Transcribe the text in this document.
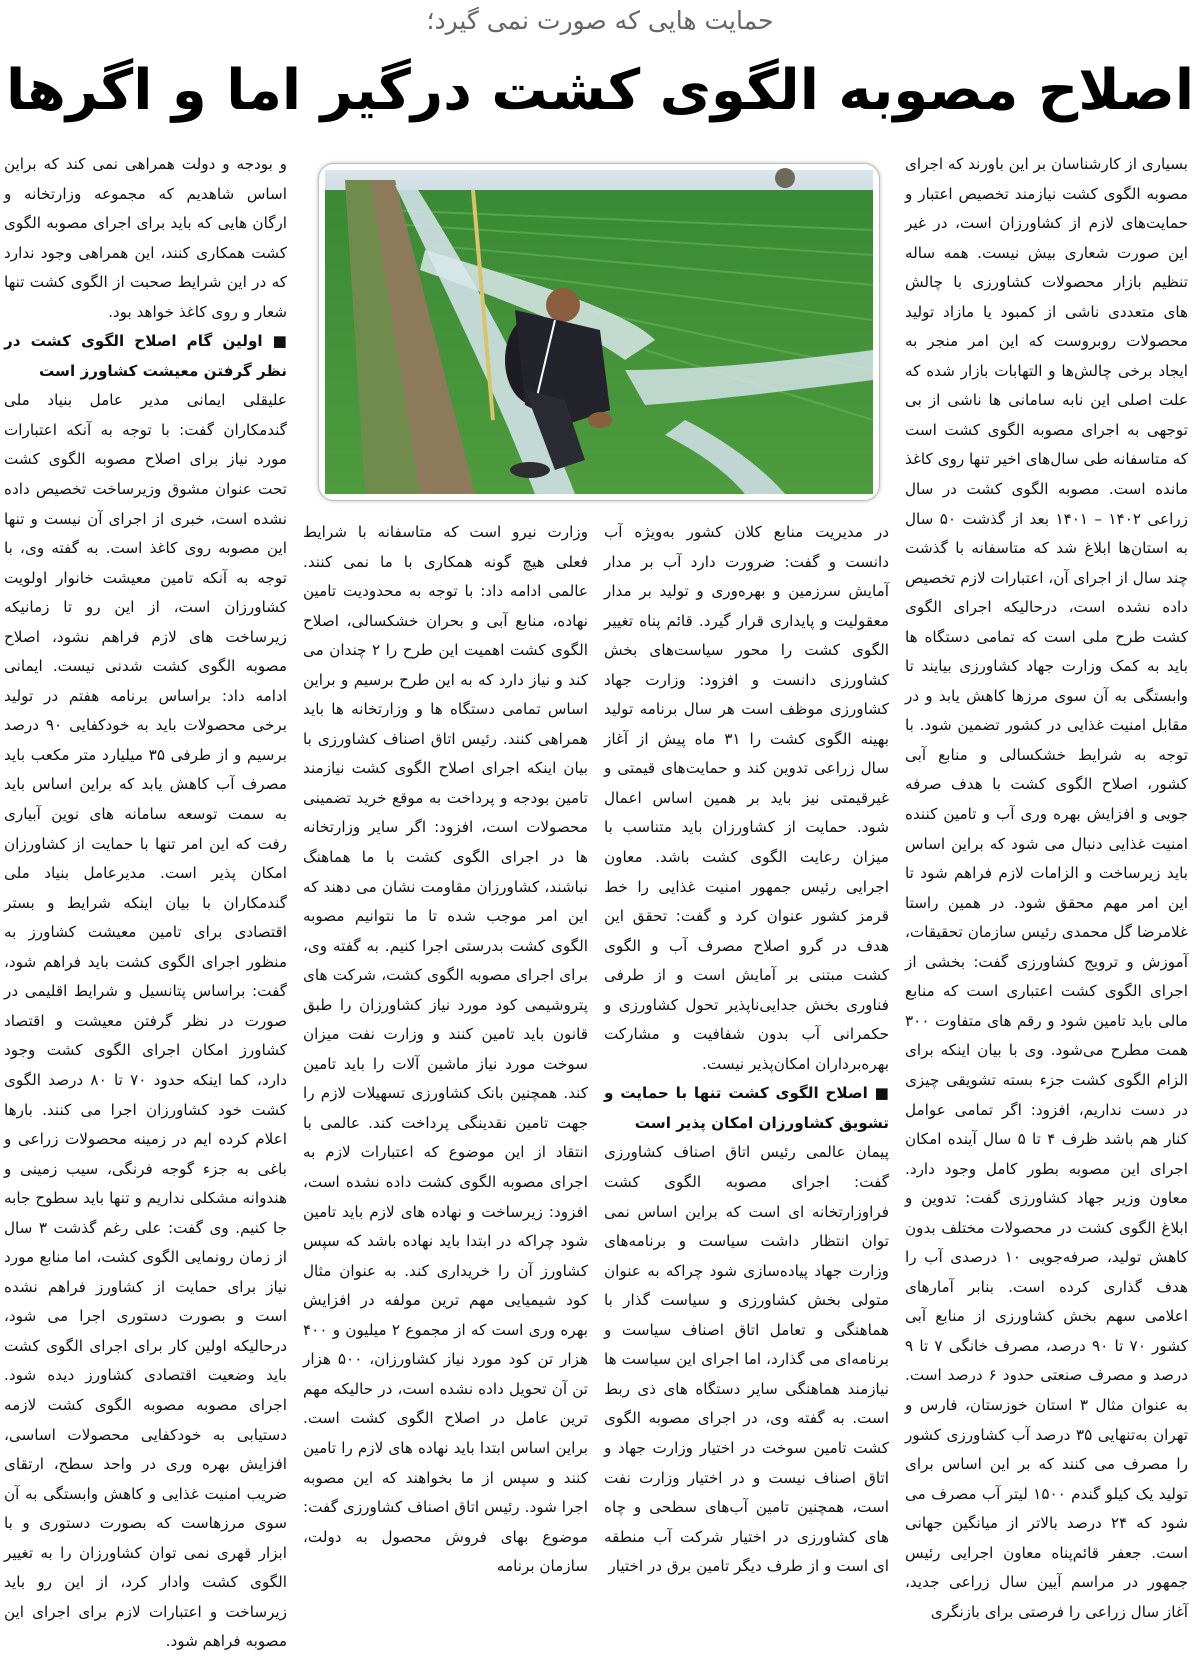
حمایت هایی که صورت نمی گیرد؛
اصلاح مصوبه الگوی کشت درگیر اما و اگرها

بسیاری از کارشناسان بر این باورند که اجرای مصوبه الگوی کشت نیازمند تخصیص اعتبار و حمایت‌های لازم از کشاورزان است، در غیر این صورت شعاری بیش نیست. همه ساله تنظیم بازار محصولات کشاورزی با چالش های متعددی ناشی از کمبود یا مازاد تولید محصولات روبروست که این امر منجر به ایجاد برخی چالش‌ها و التهابات بازار شده که علت اصلی این نابه سامانی ها ناشی از بی توجهی به اجرای مصوبه الگوی کشت است که متاسفانه طی سال‌های اخیر تنها روی کاغذ مانده است. مصوبه الگوی کشت در سال زراعی ۱۴۰۲ – ۱۴۰۱ بعد از گذشت ۵۰ سال به استان‌ها ابلاغ شد که متاسفانه با گذشت چند سال از اجرای آن، اعتبارات لازم تخصیص داده نشده است، درحالیکه اجرای الگوی کشت طرح ملی است که تمامی دستگاه ها باید به کمک وزارت جهاد کشاورزی بیایند تا وابستگی به آن سوی مرزها کاهش یابد و در مقابل امنیت غذایی در کشور تضمین شود. با توجه به شرایط خشکسالی و منابع آبی کشور، اصلاح الگوی کشت با هدف صرفه جویی و افزایش بهره وری آب و تامین کننده امنیت غذایی دنبال می شود که براین اساس باید زیرساخت و الزامات لازم فراهم شود تا این امر مهم محقق شود. در همین راستا غلامرضا گل محمدی رئیس سازمان تحقیقات، آموزش و ترویج کشاورزی گفت: بخشی از اجرای الگوی کشت اعتباری است که منابع مالی باید تامین شود و رقم های متفاوت ۳۰۰ همت مطرح می‌شود. وی با بیان اینکه برای الزام الگوی کشت جزء بسته تشویقی چیزی در دست نداریم، افزود: اگر تمامی عوامل کنار هم باشد ظرف ۴ تا ۵ سال آینده امکان اجرای این مصوبه بطور کامل وجود دارد. معاون وزیر جهاد کشاورزی گفت: تدوین و ابلاغ الگوی کشت در محصولات مختلف بدون کاهش تولید، صرفه‌جویی ۱۰ درصدی آب را هدف گذاری کرده است. بنابر آمارهای اعلامی سهم بخش کشاورزی از منابع آبی کشور ۷۰ تا ۹۰ درصد، مصرف خانگی ۷ تا ۹ درصد و مصرف صنعتی حدود ۶ درصد است. به عنوان مثال ۳ استان خوزستان، فارس و تهران به‌تنهایی ۳۵ درصد آب کشاورزی کشور را مصرف می کنند که بر این اساس برای تولید یک کیلو گندم ۱۵۰۰ لیتر آب مصرف می شود که ۲۴ درصد بالاتر از میانگین جهانی است. جعفر قائم‌پناه معاون اجرایی رئیس جمهور در مراسم آیین سال زراعی جدید، آغاز سال زراعی را فرصتی برای بازنگری

در مدیریت منابع کلان کشور به‌ویژه آب دانست و گفت: ضرورت دارد آب بر مدار آمایش سرزمین و بهره‌وری و تولید بر مدار معقولیت و پایداری قرار گیرد. قائم پناه تغییر الگوی کشت را محور سیاست‌های بخش کشاورزی دانست و افزود: وزارت جهاد کشاورزی موظف است هر سال برنامه تولید بهینه الگوی کشت را ۳۱ ماه پیش از آغاز سال زراعی تدوین کند و حمایت‌های قیمتی و غیرقیمتی نیز باید بر همین اساس اعمال شود. حمایت از کشاورزان باید متناسب با میزان رعایت الگوی کشت باشد. معاون اجرایی رئیس جمهور امنیت غذایی را خط قرمز کشور عنوان کرد و گفت: تحقق این هدف در گرو اصلاح مصرف آب و الگوی کشت مبتنی بر آمایش است و از طرفی فناوری بخش جدایی‌ناپذیر تحول کشاورزی و حکمرانی آب بدون شفافیت و مشارکت بهره‌برداران امکان‌پذیر نیست.

■ اصلاح الگوی کشت تنها با حمایت و تشویق کشاورزان امکان پذیر است

پیمان عالمی رئیس اتاق اصناف کشاورزی گفت: اجرای مصوبه الگوی کشت فراوزارتخانه ای است که براین اساس نمی توان انتظار داشت سیاست و برنامه‌های وزارت جهاد پیاده‌سازی شود چراکه به عنوان متولی بخش کشاورزی و سیاست گذار با هماهنگی و تعامل اتاق اصناف سیاست و برنامه‌ای می گذارد، اما اجرای این سیاست ها نیازمند هماهنگی سایر دستگاه های ذی ربط است. به گفته وی، در اجرای مصوبه الگوی کشت تامین سوخت در اختیار وزارت جهاد و اتاق اصناف نیست و در اختیار وزارت نفت است، همچنین تامین آب‌های سطحی و چاه های کشاورزی در اختیار شرکت آب منطقه ای است و از طرف دیگر تامین برق در اختیار

وزارت نیرو است که متاسفانه با شرایط فعلی هیچ گونه همکاری با ما نمی کنند. عالمی ادامه داد: با توجه به محدودیت تامین نهاده، منابع آبی و بحران خشکسالی، اصلاح الگوی کشت اهمیت این طرح را ۲ چندان می کند و نیاز دارد که به این طرح برسیم و براین اساس تمامی دستگاه ها و وزارتخانه ها باید همراهی کنند. رئیس اتاق اصناف کشاورزی با بیان اینکه اجرای اصلاح الگوی کشت نیازمند تامین بودجه و پرداخت به موقع خرید تضمینی محصولات است، افزود: اگر سایر وزارتخانه ها در اجرای الگوی کشت با ما هماهنگ نباشند، کشاورزان مقاومت نشان می دهند که این امر موجب شده تا ما نتوانیم مصوبه الگوی کشت بدرستی اجرا کنیم. به گفته وی، برای اجرای مصوبه الگوی کشت، شرکت های پتروشیمی کود مورد نیاز کشاورزان را طبق قانون باید تامین کنند و وزارت نفت میزان سوخت مورد نیاز ماشین آلات را باید تامین کند. همچنین بانک کشاورزی تسهیلات لازم را جهت تامین نقدینگی پرداخت کند. عالمی با انتقاد از این موضوع که اعتبارات لازم به اجرای مصوبه الگوی کشت داده نشده است، افزود: زیرساخت و نهاده های لازم باید تامین شود چراکه در ابتدا باید نهاده باشد که سپس کشاورز آن را خریداری کند. به عنوان مثال کود شیمیایی مهم ترین مولفه در افزایش بهره وری است که از مجموع ۲ میلیون و ۴۰۰ هزار تن کود مورد نیاز کشاورزان، ۵۰۰ هزار تن آن تحویل داده نشده است، در حالیکه مهم ترین عامل در اصلاح الگوی کشت است. براین اساس ابتدا باید نهاده های لازم را تامین کنند و سپس از ما بخواهند که این مصوبه اجرا شود. رئیس اتاق اصناف کشاورزی گفت: موضوع بهای فروش محصول به دولت، سازمان برنامه

و بودجه و دولت همراهی نمی کند که براین اساس شاهدیم که مجموعه وزارتخانه و ارگان هایی که باید برای اجرای مصوبه الگوی کشت همکاری کنند، این همراهی وجود ندارد که در این شرایط صحبت از الگوی کشت تنها شعار و روی کاغذ خواهد بود.

■ اولین گام اصلاح الگوی کشت در نظر گرفتن معیشت کشاورز است

علیقلی ایمانی مدیر عامل بنیاد ملی گندمکاران گفت: با توجه به آنکه اعتبارات مورد نیاز برای اصلاح مصوبه الگوی کشت تحت عنوان مشوق وزیرساخت تخصیص داده نشده است، خبری از اجرای آن نیست و تنها این مصوبه روی کاغذ است. به گفته وی، با توجه به آنکه تامین معیشت خانوار اولویت کشاورزان است، از این رو تا زمانیکه زیرساخت های لازم فراهم نشود، اصلاح مصوبه الگوی کشت شدنی نیست. ایمانی ادامه داد: براساس برنامه هفتم در تولید برخی محصولات باید به خودکفایی ۹۰ درصد برسیم و از طرفی ۳۵ میلیارد متر مکعب باید مصرف آب کاهش یابد که براین اساس باید به سمت توسعه سامانه های نوین آبیاری رفت که این امر تنها با حمایت از کشاورزان امکان پذیر است. مدیرعامل بنیاد ملی گندمکاران با بیان اینکه شرایط و بستر اقتصادی برای تامین معیشت کشاورز به منظور اجرای الگوی کشت باید فراهم شود، گفت: براساس پتانسیل و شرایط اقلیمی در صورت در نظر گرفتن معیشت و اقتصاد کشاورز امکان اجرای الگوی کشت وجود دارد، کما اینکه حدود ۷۰ تا ۸۰ درصد الگوی کشت خود کشاورزان اجرا می کنند. بارها اعلام کرده ایم در زمینه محصولات زراعی و باغی به جزء گوجه فرنگی، سیب زمینی و هندوانه مشکلی نداریم و تنها باید سطوح جابه جا کنیم. وی گفت: علی رغم گذشت ۳ سال از زمان رونمایی الگوی کشت، اما منابع مورد نیاز برای حمایت از کشاورز فراهم نشده است و بصورت دستوری اجرا می شود، درحالیکه اولین کار برای اجرای الگوی کشت باید وضعیت اقتصادی کشاورز دیده شود. اجرای مصوبه مصوبه الگوی کشت لازمه دستیابی به خودکفایی محصولات اساسی، افزایش بهره وری در واحد سطح، ارتقای ضریب امنیت غذایی و کاهش وابستگی به آن سوی مرزهاست که بصورت دستوری و با ابزار قهری نمی توان کشاورزان را به تغییر الگوی کشت وادار کرد، از این رو باید زیرساخت و اعتبارات لازم برای اجرای این مصوبه فراهم شود.
